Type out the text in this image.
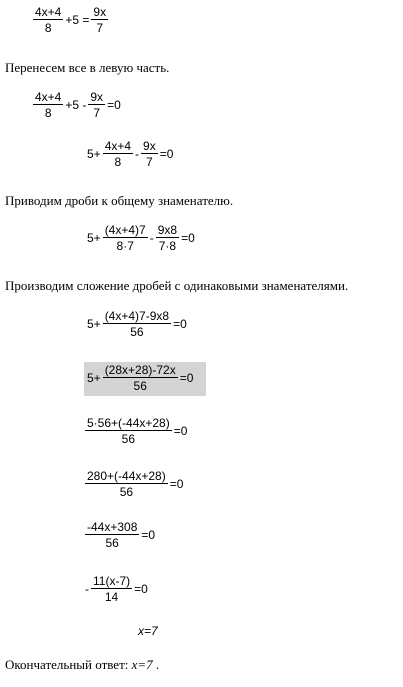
$\frac{4x+4}{8} +5 = \frac{9x}{7}$
Перенесем все в левую часть.
$\frac{4x+4}{8} +5 - \frac{9x}{7} =0$
$5+ \frac{4x+4}{8} - \frac{9x}{7} =0$
Приводим дроби к общему знаменателю.
$5+ \frac{(4x+4)7}{8\cdot 7} - \frac{9x8}{7\cdot 8} =0$
Производим сложение дробей с одинаковыми знаменателями.
$5+ \frac{(4x+4)7-9x8}{56} =0$
$5+ \frac{(28x+28)-72x}{56} =0$
$\frac{5\cdot 56+(-44x+28)}{56} =0$
$\frac{280+(-44x+28)}{56} =0$
$\frac{-44x+308}{56} =0$
- $\frac{11(x-7)}{14} =0$
x=7
Окончательный ответ: x=7 .
